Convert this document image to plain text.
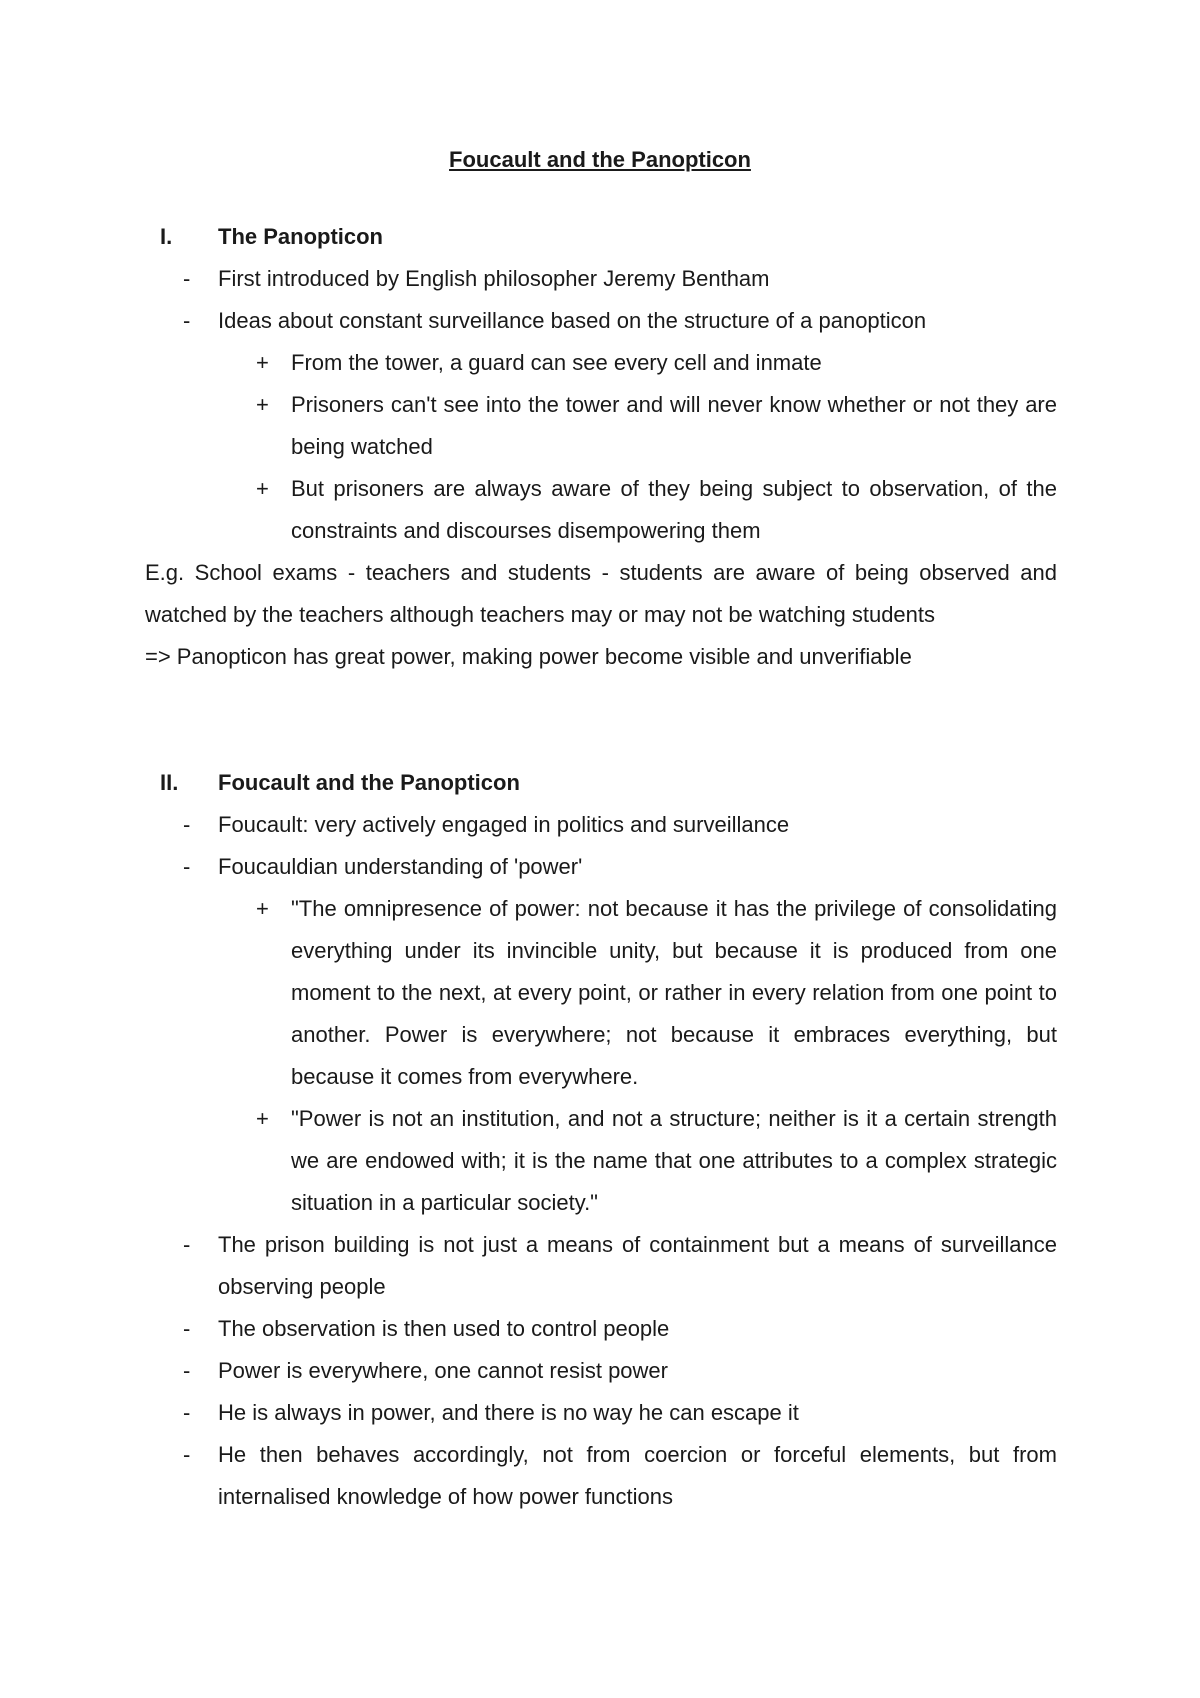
Foucault and the Panopticon
I. The Panopticon
- First introduced by English philosopher Jeremy Bentham
- Ideas about constant surveillance based on the structure of a panopticon
+ From the tower, a guard can see every cell and inmate
+ Prisoners can't see into the tower and will never know whether or not they are being watched
+ But prisoners are always aware of they being subject to observation, of the constraints and discourses disempowering them
E.g. School exams - teachers and students - students are aware of being observed and watched by the teachers although teachers may or may not be watching students
=> Panopticon has great power, making power become visible and unverifiable
II. Foucault and the Panopticon
- Foucault: very actively engaged in politics and surveillance
- Foucauldian understanding of 'power'
+ "The omnipresence of power: not because it has the privilege of consolidating everything under its invincible unity, but because it is produced from one moment to the next, at every point, or rather in every relation from one point to another. Power is everywhere; not because it embraces everything, but because it comes from everywhere.
+ "Power is not an institution, and not a structure; neither is it a certain strength we are endowed with; it is the name that one attributes to a complex strategic situation in a particular society."
- The prison building is not just a means of containment but a means of surveillance observing people
- The observation is then used to control people
- Power is everywhere, one cannot resist power
- He is always in power, and there is no way he can escape it
- He then behaves accordingly, not from coercion or forceful elements, but from internalised knowledge of how power functions
